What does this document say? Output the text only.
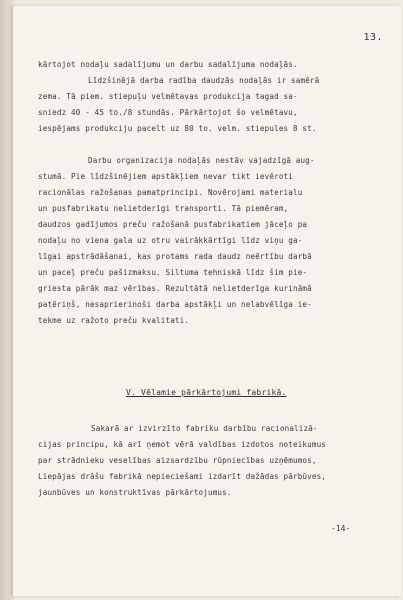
13.
kārtojot nodaļu sadalījumu un darbu sadalījuma nodaļās.
Līdzšinējā darba radība daudzās nodaļās ir samērā
zema. Tā piem. stiepuļu velmētavas produkcija tagad sa-
sniedz 40 - 45 to./8 stundās. Pārkārtojot šo velmētavu,
iespējams produkciju pacelt uz 80 to. velm. stiepules 8 st.
Darbu organizacija nodaļās nestāv vajadzīgā aug-
stumā. Pie līdzšinējiem apstākļiem nevar tikt ievēroti
racionālas ražošanas pamatprincipi. Novērojami materialu
un pusfabrikatu nelietderīgi transporti. Tā piemēram,
daudzos gadījumos preču ražošanā pusfabrikatiem jāceļo pa
nodaļu no viena gala uz otru vairākkārtīgi līdz viņu ga-
līgai apstrādāšanai, kas protams rada daudz neērtību darbā
un paceļ preču pašizmaksu. Siltuma tehniskā līdz šim pie-
griesta pārāk maz vērības. Rezultātā nelietderīga kurināmā
patēriņš, nesaprierinoši darba apstākļi un nelabvēlīga ie-
tekme uz ražoto preču kvalitati.
V. Vēlamie pārkārtojumi fabrikā.
Sakarā ar izvirzīto fabriku darbību racionalizā-
cijas principu, kā arī ņemot vērā valdības izdotos noteikumus
par strādnieku veselības aizsardzību rūpniecības uzņēmumos,
Liepājas drāšu fabrikā nepieciešami izdarīt dažādas pārbūves,
jaunbūves un konstruktīvas pārkārtojumus.
-14-
